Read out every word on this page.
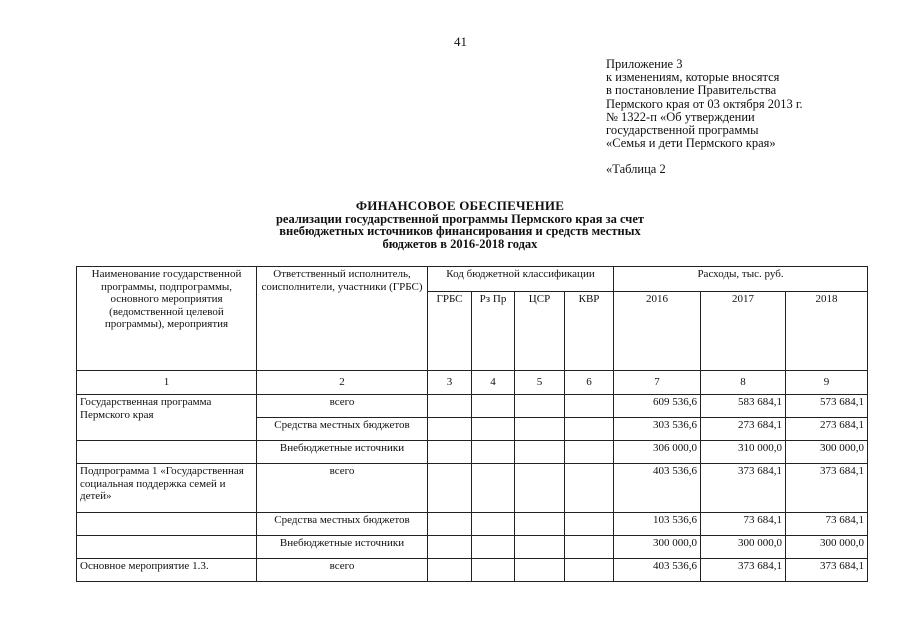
41
Приложение 3
к изменениям, которые вносятся
в постановление Правительства
Пермского края от 03 октября 2013 г.
№ 1322-п «Об утверждении
государственной программы
«Семья и дети Пермского края»
«Таблица 2
ФИНАНСОВОЕ ОБЕСПЕЧЕНИЕ
реализации государственной программы Пермского края за счет
внебюджетных источников финансирования и средств местных
бюджетов в 2016-2018 годах
Наименование государственной программы, подпрограммы, основного мероприятия (ведомственной целевой программы), мероприятия	Ответственный исполнитель, соисполнители, участники (ГРБС)	Код бюджетной классификации				Расходы, тыс. руб.		
		ГРБС	Рз Пр	ЦСР	КВР	2016	2017	2018
1	2	3	4	5	6	7	8	9
Государственная программа Пермского края	всего					609 536,6	583 684,1	573 684,1
	Средства местных бюджетов					303 536,6	273 684,1	273 684,1
	Внебюджетные источники					306 000,0	310 000,0	300 000,0
Подпрограмма 1 «Государственная социальная поддержка семей и детей»	всего					403 536,6	373 684,1	373 684,1
	Средства местных бюджетов					103 536,6	73 684,1	73 684,1
	Внебюджетные источники					300 000,0	300 000,0	300 000,0
Основное мероприятие 1.3.	всего					403 536,6	373 684,1	373 684,1
